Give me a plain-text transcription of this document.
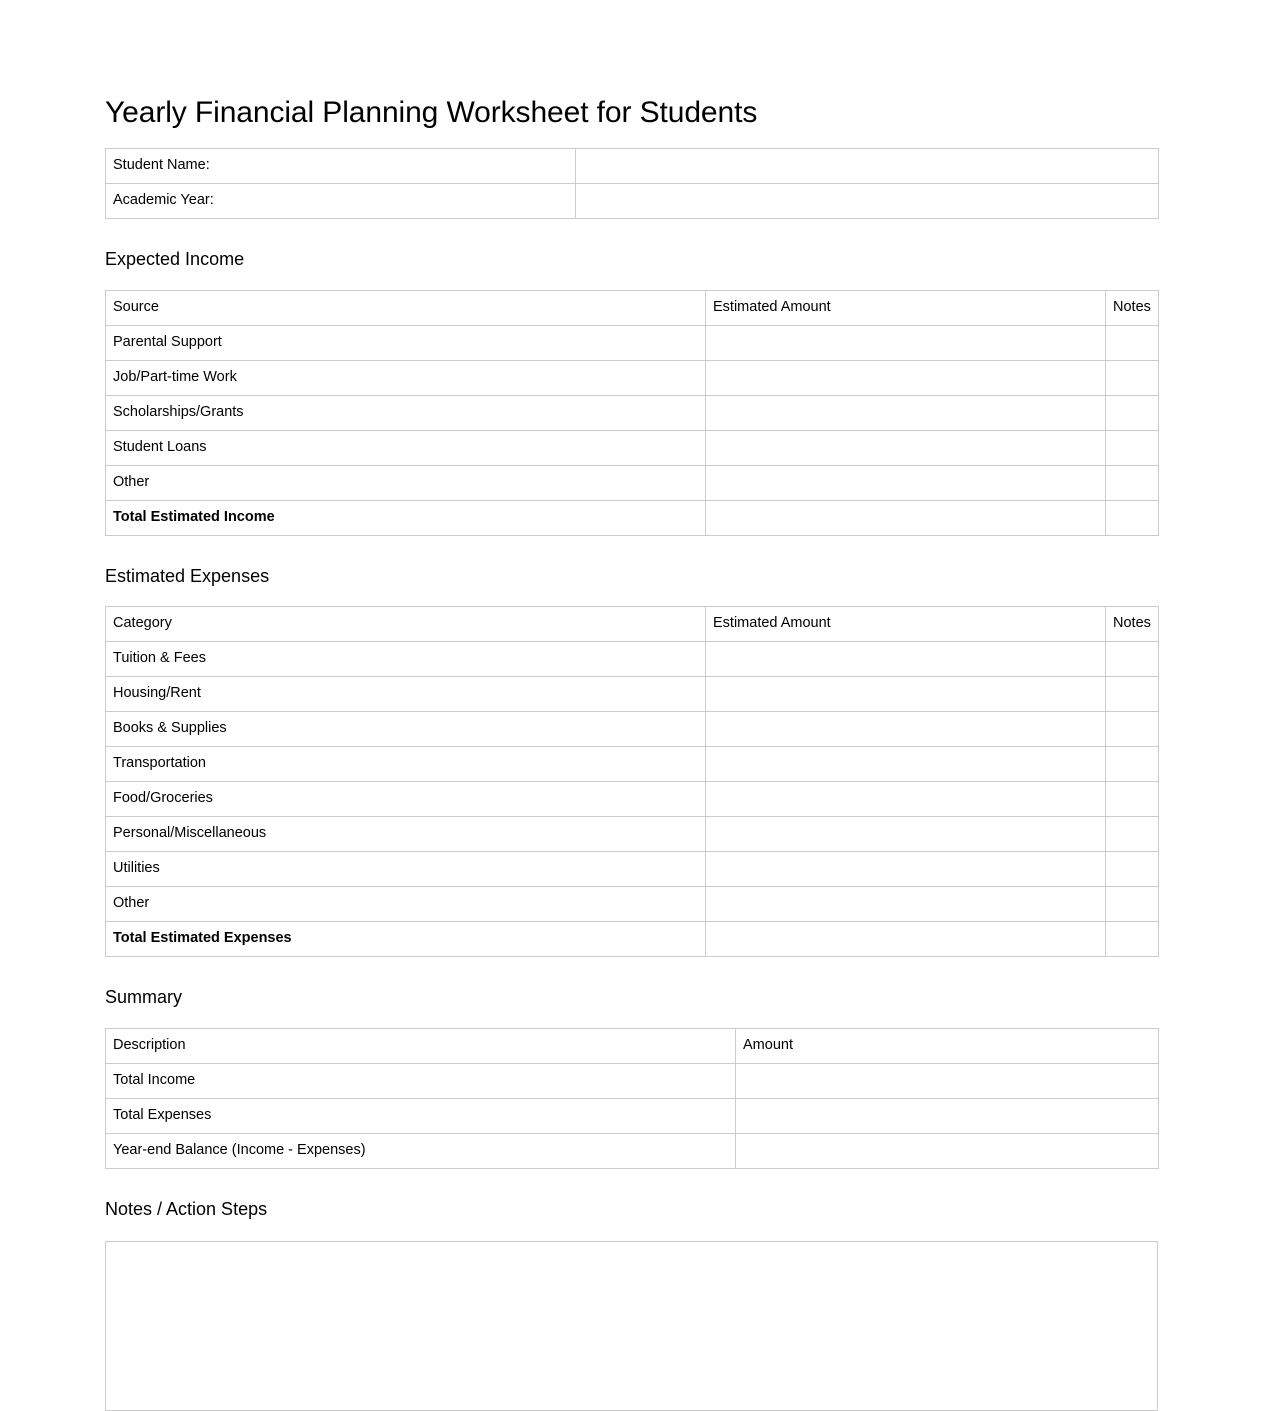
Yearly Financial Planning Worksheet for Students
Student Name:	
Academic Year:	
Expected Income
Source	Estimated Amount	Notes
Parental Support		
Job/Part-time Work		
Scholarships/Grants		
Student Loans		
Other		
Total Estimated Income		
Estimated Expenses
Category	Estimated Amount	Notes
Tuition & Fees		
Housing/Rent		
Books & Supplies		
Transportation		
Food/Groceries		
Personal/Miscellaneous		
Utilities		
Other		
Total Estimated Expenses		
Summary
Description	Amount
Total Income	
Total Expenses	
Year-end Balance (Income - Expenses)	
Notes / Action Steps
